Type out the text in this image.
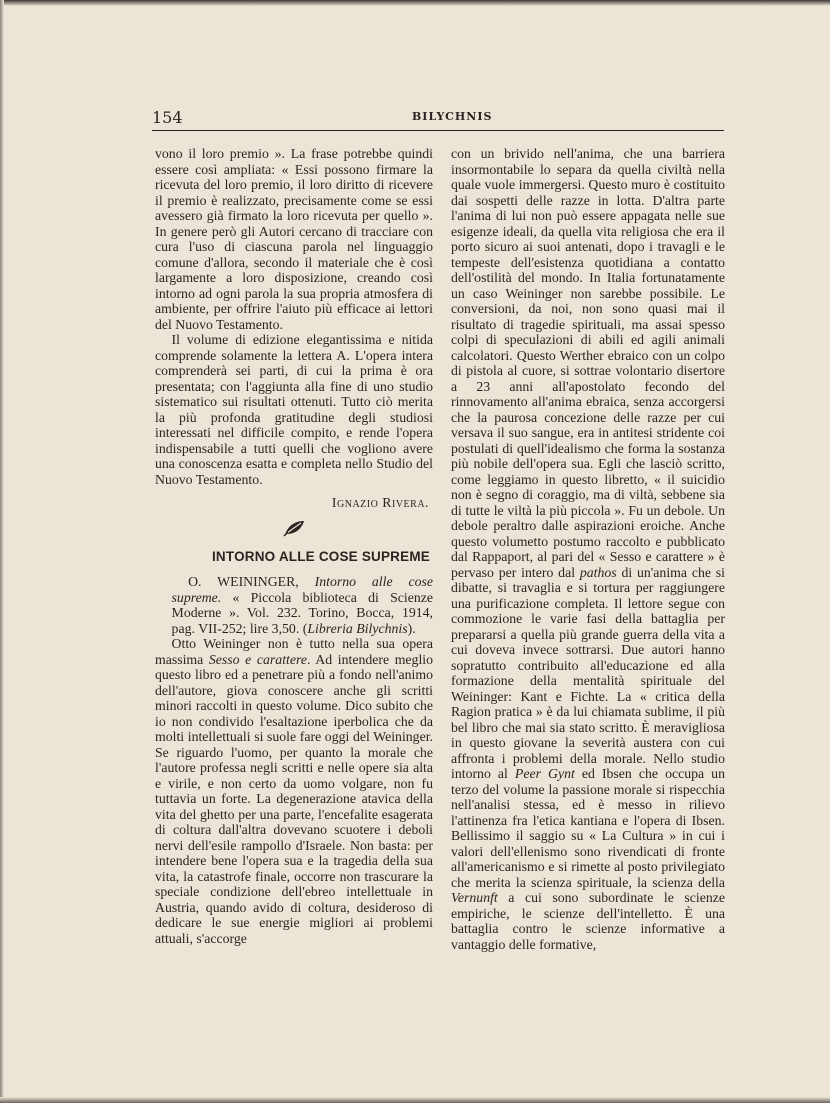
154	BILYCHNIS

vono il loro premio ». La frase potrebbe quindi essere così ampliata: « Essi possono firmare la ricevuta del loro premio, il loro diritto di ricevere il premio è realizzato, precisamente come se essi avessero già firmato la loro ricevuta per quello ». In genere però gli Autori cercano di tracciare con cura l'uso di ciascuna parola nel linguaggio comune d'allora, secondo il materiale che è così largamente a loro disposizione, creando così intorno ad ogni parola la sua propria atmosfera di ambiente, per offrire l'aiuto più efficace ai lettori del Nuovo Testamento.

Il volume di edizione elegantissima e nitida comprende solamente la lettera A. L'opera intera comprenderà sei parti, di cui la prima è ora presentata; con l'aggiunta alla fine di uno studio sistematico sui risultati ottenuti. Tutto ciò merita la più profonda gratitudine degli studiosi interessati nel difficile compito, e rende l'opera indispensabile a tutti quelli che vogliono avere una conoscenza esatta e completa nello Studio del Nuovo Testamento.

Ignazio Rivera.
INTORNO ALLE COSE SUPREME

O. WEININGER, Intorno alle cose supreme. « Piccola biblioteca di Scienze Moderne ». Vol. 232. Torino, Bocca, 1914, pag. VII-252; lire 3,50. (Libreria Bilychnis).

Otto Weininger non è tutto nella sua opera massima Sesso e carattere. Ad intendere meglio questo libro ed a penetrare più a fondo nell'animo dell'autore, giova conoscere anche gli scritti minori raccolti in questo volume. Dico subito che io non condivido l'esaltazione iperbolica che da molti intellettuali si suole fare oggi del Weininger. Se riguardo l'uomo, per quanto la morale che l'autore professa negli scritti e nelle opere sia alta e virile, e non certo da uomo volgare, non fu tuttavia un forte. La degenerazione atavica della vita del ghetto per una parte, l'encefalite esagerata di coltura dall'altra dovevano scuotere i deboli nervi dell'esile rampollo d'Israele. Non basta: per intendere bene l'opera sua e la tragedia della sua vita, la catastrofe finale, occorre non trascurare la speciale condizione dell'ebreo intellettuale in Austria, quando avido di coltura, desideroso di dedicare le sue energie migliori ai problemi attuali, s'accorge

con un brivido nell'anima, che una barriera insormontabile lo separa da quella civiltà nella quale vuole immergersi. Questo muro è costituito dai sospetti delle razze in lotta. D'altra parte l'anima di lui non può essere appagata nelle sue esigenze ideali, da quella vita religiosa che era il porto sicuro ai suoi antenati, dopo i travagli e le tempeste dell'esistenza quotidiana a contatto dell'ostilità del mondo. In Italia fortunatamente un caso Weininger non sarebbe possibile. Le conversioni, da noi, non sono quasi mai il risultato di tragedie spirituali, ma assai spesso colpi di speculazioni di abili ed agili animali calcolatori. Questo Werther ebraico con un colpo di pistola al cuore, si sottrae volontario disertore a 23 anni all'apostolato fecondo del rinnovamento all'anima ebraica, senza accorgersi che la paurosa concezione delle razze per cui versava il suo sangue, era in antitesi stridente coi postulati di quell'idealismo che forma la sostanza più nobile dell'opera sua. Egli che lasciò scritto, come leggiamo in questo libretto, « il suicidio non è segno di coraggio, ma di viltà, sebbene sia di tutte le viltà la più piccola ». Fu un debole. Un debole peraltro dalle aspirazioni eroiche. Anche questo volumetto postumo raccolto e pubblicato dal Rappaport, al pari del « Sesso e carattere » è pervaso per intero dal pathos di un'anima che si dibatte, si travaglia e si tortura per raggiungere una purificazione completa. Il lettore segue con commozione le varie fasi della battaglia per prepararsi a quella più grande guerra della vita a cui doveva invece sottrarsi. Due autori hanno sopratutto contribuito all'educazione ed alla formazione della mentalità spirituale del Weininger: Kant e Fichte. La « critica della Ragion pratica » è da lui chiamata sublime, il più bel libro che mai sia stato scritto. È meravigliosa in questo giovane la severità austera con cui affronta i problemi della morale. Nello studio intorno al Peer Gynt ed Ibsen che occupa un terzo del volume la passione morale si rispecchia nell'analisi stessa, ed è messo in rilievo l'attinenza fra l'etica kantiana e l'opera di Ibsen. Bellissimo il saggio su « La Cultura » in cui i valori dell'ellenismo sono rivendicati di fronte all'americanismo e si rimette al posto privilegiato che merita la scienza spirituale, la scienza della Vernunft a cui sono subordinate le scienze empiriche, le scienze dell'intelletto. È una battaglia contro le scienze informative a vantaggio delle formative,
